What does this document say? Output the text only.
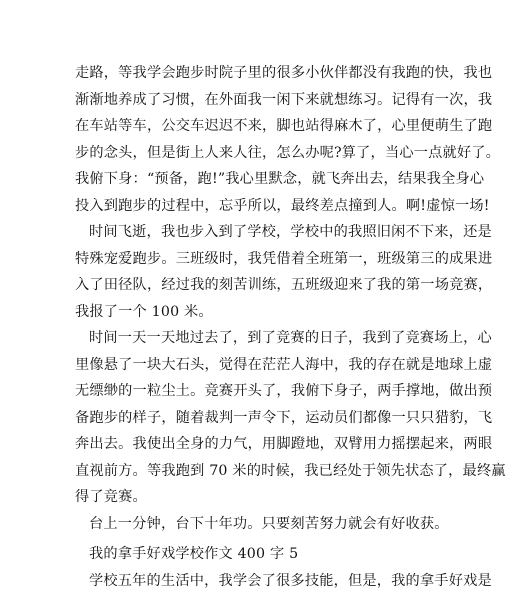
走路，等我学会跑步时院子里的很多小伙伴都没有我跑的快，我也
渐渐地养成了习惯，在外面我一闲下来就想练习。记得有一次，我
在车站等车，公交车迟迟不来，脚也站得麻木了，心里便萌生了跑
步的念头，但是街上人来人往，怎么办呢?算了，当心一点就好了。
我俯下身：“预备，跑!”我心里默念，就飞奔出去，结果我全身心
投入到跑步的过程中，忘乎所以，最终差点撞到人。啊!虚惊一场!
时间飞逝，我也步入到了学校，学校中的我照旧闲不下来，还是
特殊宠爱跑步。三班级时，我凭借着全班第一，班级第三的成果进
入了田径队，经过我的刻苦训练，五班级迎来了我的第一场竞赛，
我报了一个 100 米。
时间一天一天地过去了，到了竞赛的日子，我到了竞赛场上，心
里像悬了一块大石头，觉得在茫茫人海中，我的存在就是地球上虚
无缥缈的一粒尘土。竞赛开头了，我俯下身子，两手撑地，做出预
备跑步的样子，随着裁判一声令下，运动员们都像一只只猎豹，飞
奔出去。我使出全身的力气，用脚蹬地，双臂用力摇摆起来，两眼
直视前方。等我跑到 70 米的时候，我已经处于领先状态了，最终赢
得了竞赛。
台上一分钟，台下十年功。只要刻苦努力就会有好收获。
我的拿手好戏学校作文 400 字 5
学校五年的生活中，我学会了很多技能，但是，我的拿手好戏是
